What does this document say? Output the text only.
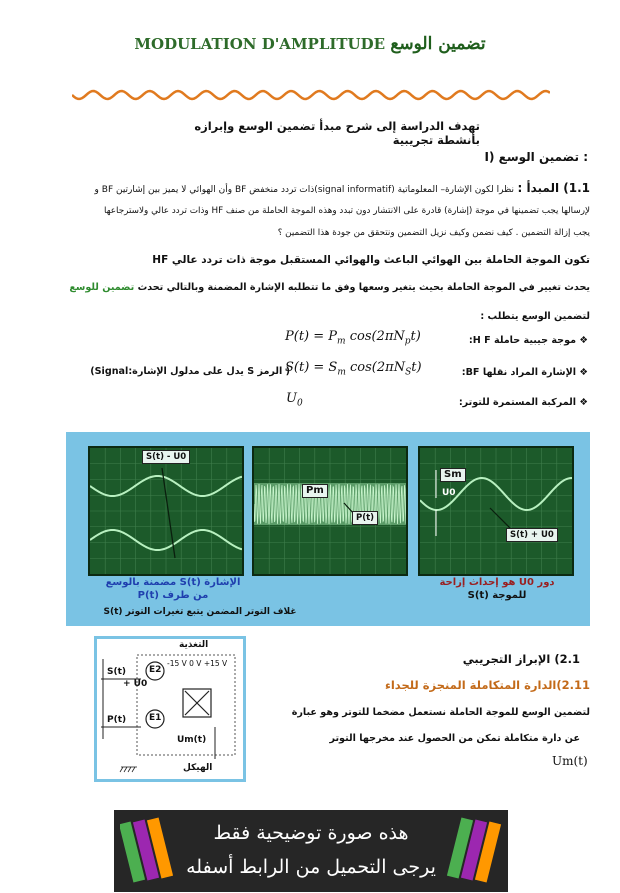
MODULATION D'AMPLITUDE تضمين الوسع
تهدف الدراسة إلى شرح مبدأ تضمين الوسع وإبرازه بأنشطة تجريبية
I) تضمين الوسع :
1.1) المبدأ : نظرا لكون الإشارة– المعلوماتية (signal informatif)ذات تردد منخفض BF وأن الهوائي لا يميز بين إشارتين BF و
لإرسالها يجب تضمينها في موجة (إشارة) قادرة على الانتشار دون تبدد وهذه الموجة الحاملة من صنف HF وذات تردد عالي ولاسترجاعها
يجب إزالة التضمين . كيف نضمن وكيف نزيل التضمين ونتحقق من جودة هذا التضمين ؟
تكون الموجة الحاملة بين الهوائي الباعث والهوائي المستقبل موجة ذات تردد عالي HF
يحدث تغيير في الموجة الحاملة بحيث يتغير وسعها وفق ما تتطلبه الإشارة المضمنة وبالتالي تحدث تضمين للوسع
لتضمين الوسع يتطلب :
❖ موجة جيبية حاملة H F:
$P(t) = P_m$ $\cos(2\pi N_pt)$
❖ الإشارة المراد نقلها BF:
( الرمز S يدل على مدلول الإشارة:Signal)
$S(t) = S_m$ $\cos(2\pi N_St)$
❖ المركبة المستمرة للتوتر:
$U_0$
S(t) - U0
Pm
P(t)
Sm
U0
S(t) + U0
الإشارة S(t) مضمنة بالوسع
من طرف P(t)
دور U0 هو إحداث إزاحة
للموجة S(t)
غلاف التوتر المضمن يتبع تغيرات التوتر S(t)
التغذية
-15 V 0 V +15 V
S(t)
+ U0
E2
E1
P(t)
Um(t)
الهيكل
2.1) الإبراز التجريبي
2.11)الدارة المتكاملة المنجزة للجداء
لتضمين الوسع للموجة الحاملة نستعمل مضخما للتوتر وهو عبارة
عن دارة متكاملة تمكن من الحصول عند مخرجها التوتر
Um(t)
هذه صورة توضيحية فقط
يرجى التحميل من الرابط أسفله
